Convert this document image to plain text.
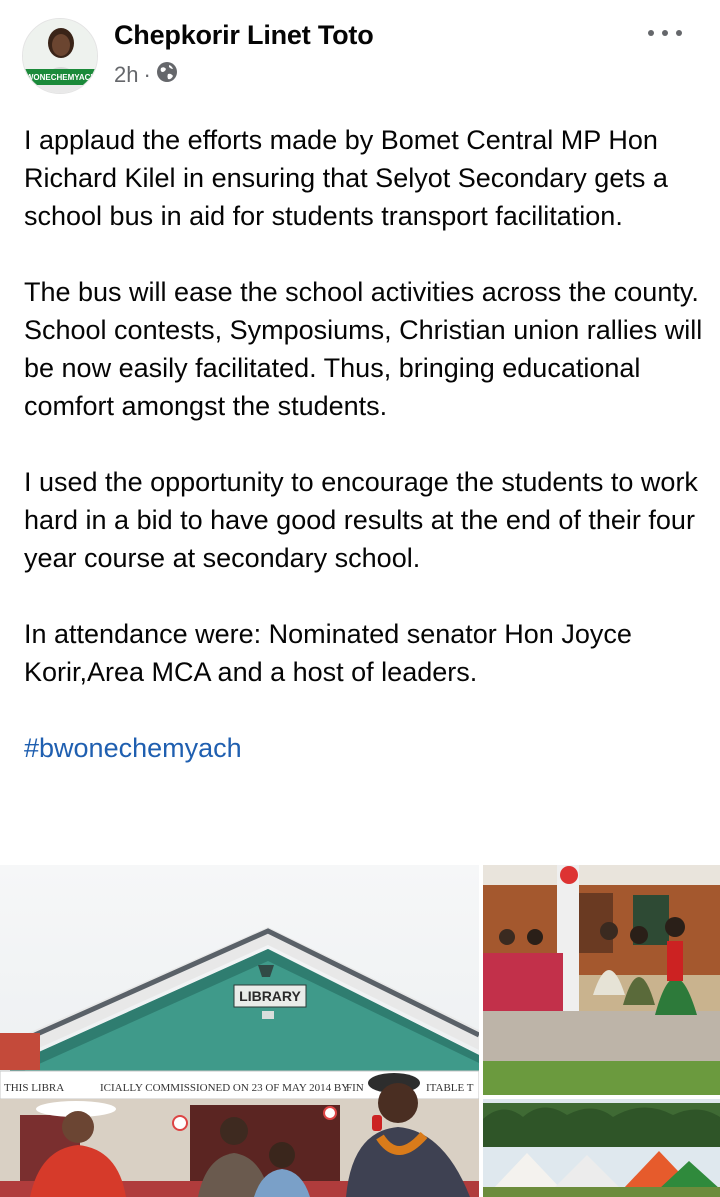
WONECHEMYACH
Chepkorir Linet Toto
2h ·

I applaud the efforts made by Bomet Central MP Hon Richard Kilel in ensuring that Selyot Secondary gets a school bus in aid for students transport facilitation.

The bus will ease the school activities across the county. School contests, Symposiums, Christian union rallies will be now easily facilitated. Thus, bringing educational comfort amongst the students.

I used the opportunity to encourage the students to work hard in a bid to have good results at the end of their four year course at secondary school.

In attendance were: Nominated senator Hon Joyce Korir,Area MCA and a host of leaders.

#bwonechemyach

LIBRARY
THIS LIBRA	ICIALLY COMMISSIONED ON 23 OF MAY 2014 BY
FIN	ITABLE T
